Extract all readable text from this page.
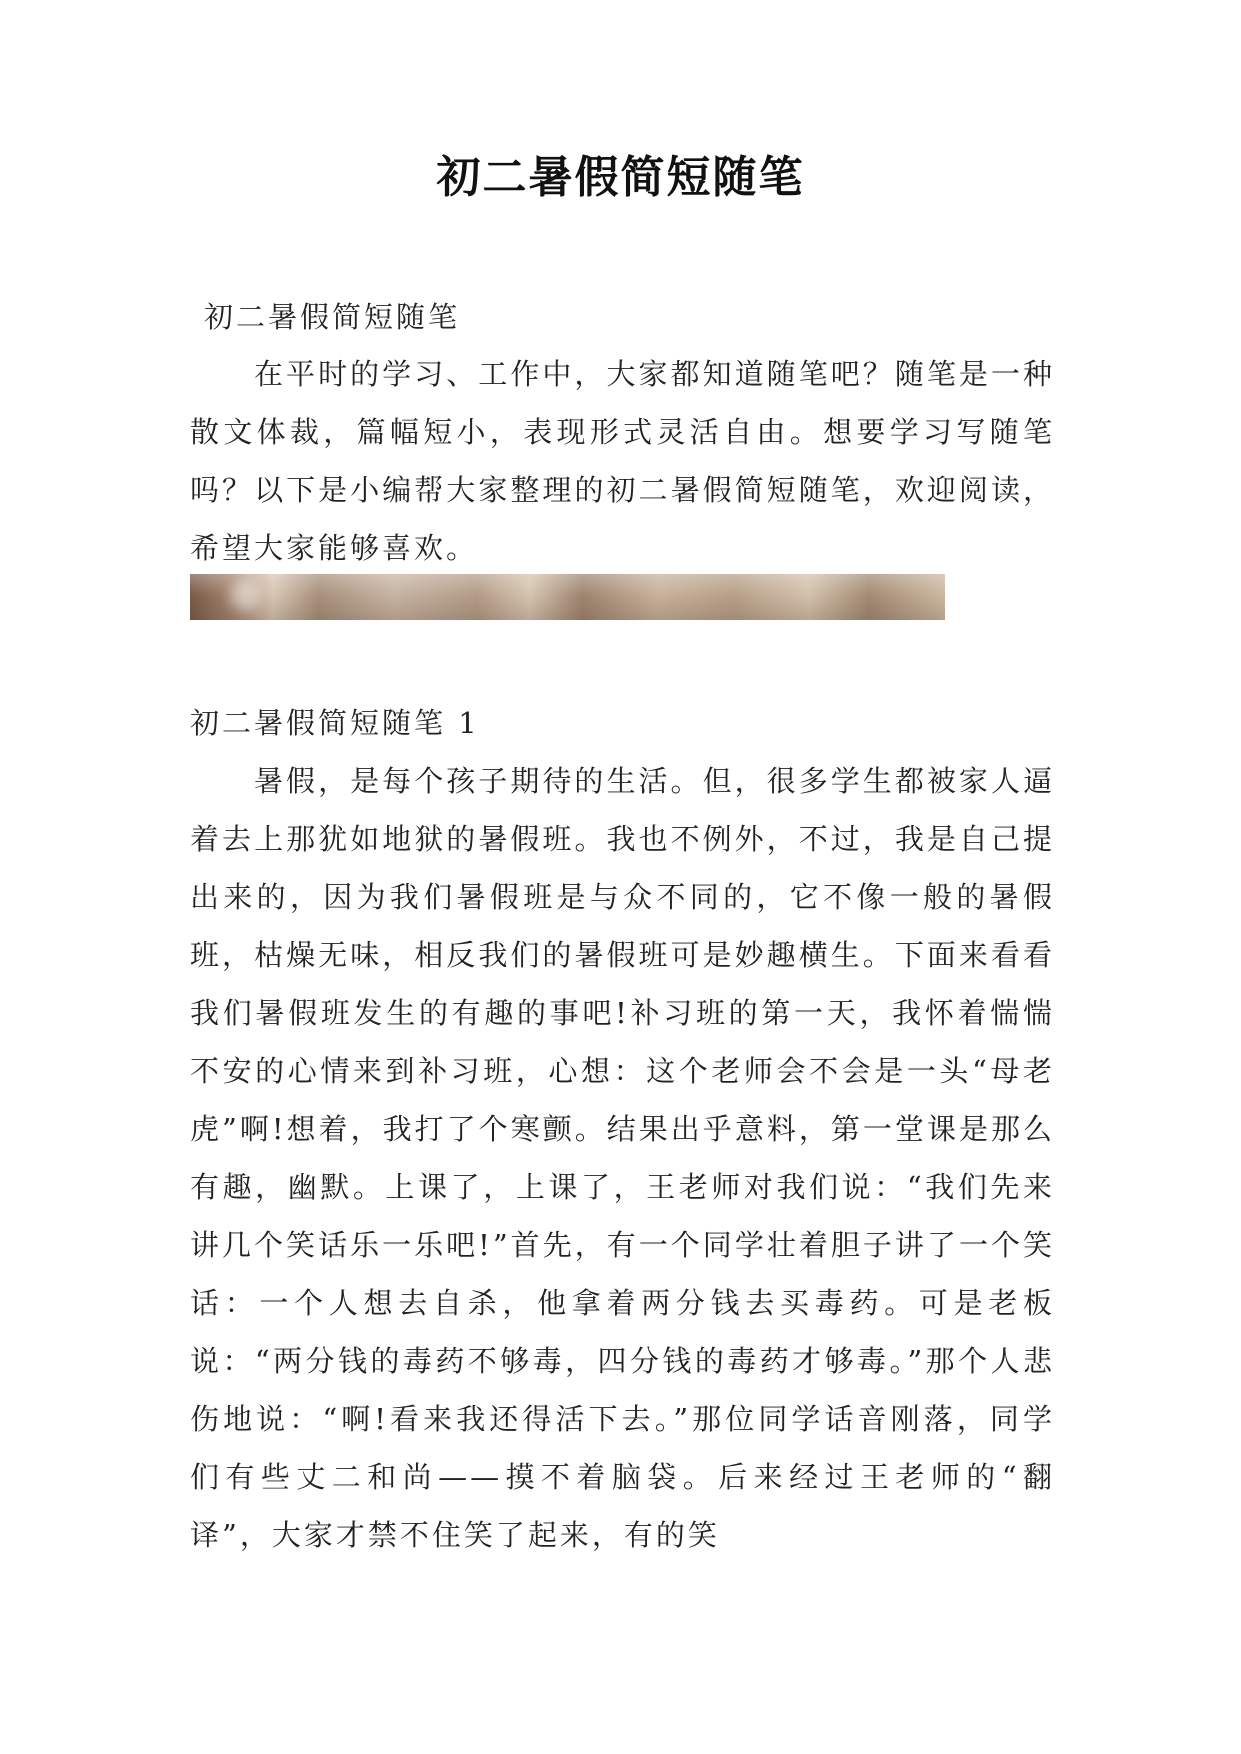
初二暑假简短随笔

初二暑假简短随笔

在平时的学习、工作中，大家都知道随笔吧？随笔是一种散文体裁，篇幅短小，表现形式灵活自由。想要学习写随笔吗？以下是小编帮大家整理的初二暑假简短随笔，欢迎阅读，希望大家能够喜欢。

初二暑假简短随笔 1

暑假，是每个孩子期待的生活。但，很多学生都被家人逼着去上那犹如地狱的暑假班。我也不例外，不过，我是自己提出来的，因为我们暑假班是与众不同的，它不像一般的暑假班，枯燥无味，相反我们的暑假班可是妙趣横生。下面来看看我们暑假班发生的有趣的事吧!补习班的第一天，我怀着惴惴不安的心情来到补习班，心想：这个老师会不会是一头“母老虎”啊!想着，我打了个寒颤。结果出乎意料，第一堂课是那么有趣，幽默。上课了，上课了，王老师对我们说：“我们先来讲几个笑话乐一乐吧!”首先，有一个同学壮着胆子讲了一个笑话：一个人想去自杀，他拿着两分钱去买毒药。可是老板说：“两分钱的毒药不够毒，四分钱的毒药才够毒。”那个人悲伤地说：“啊!看来我还得活下去。”那位同学话音刚落，同学们有些丈二和尚——摸不着脑袋。后来经过王老师的“翻译”，大家才禁不住笑了起来，有的笑
